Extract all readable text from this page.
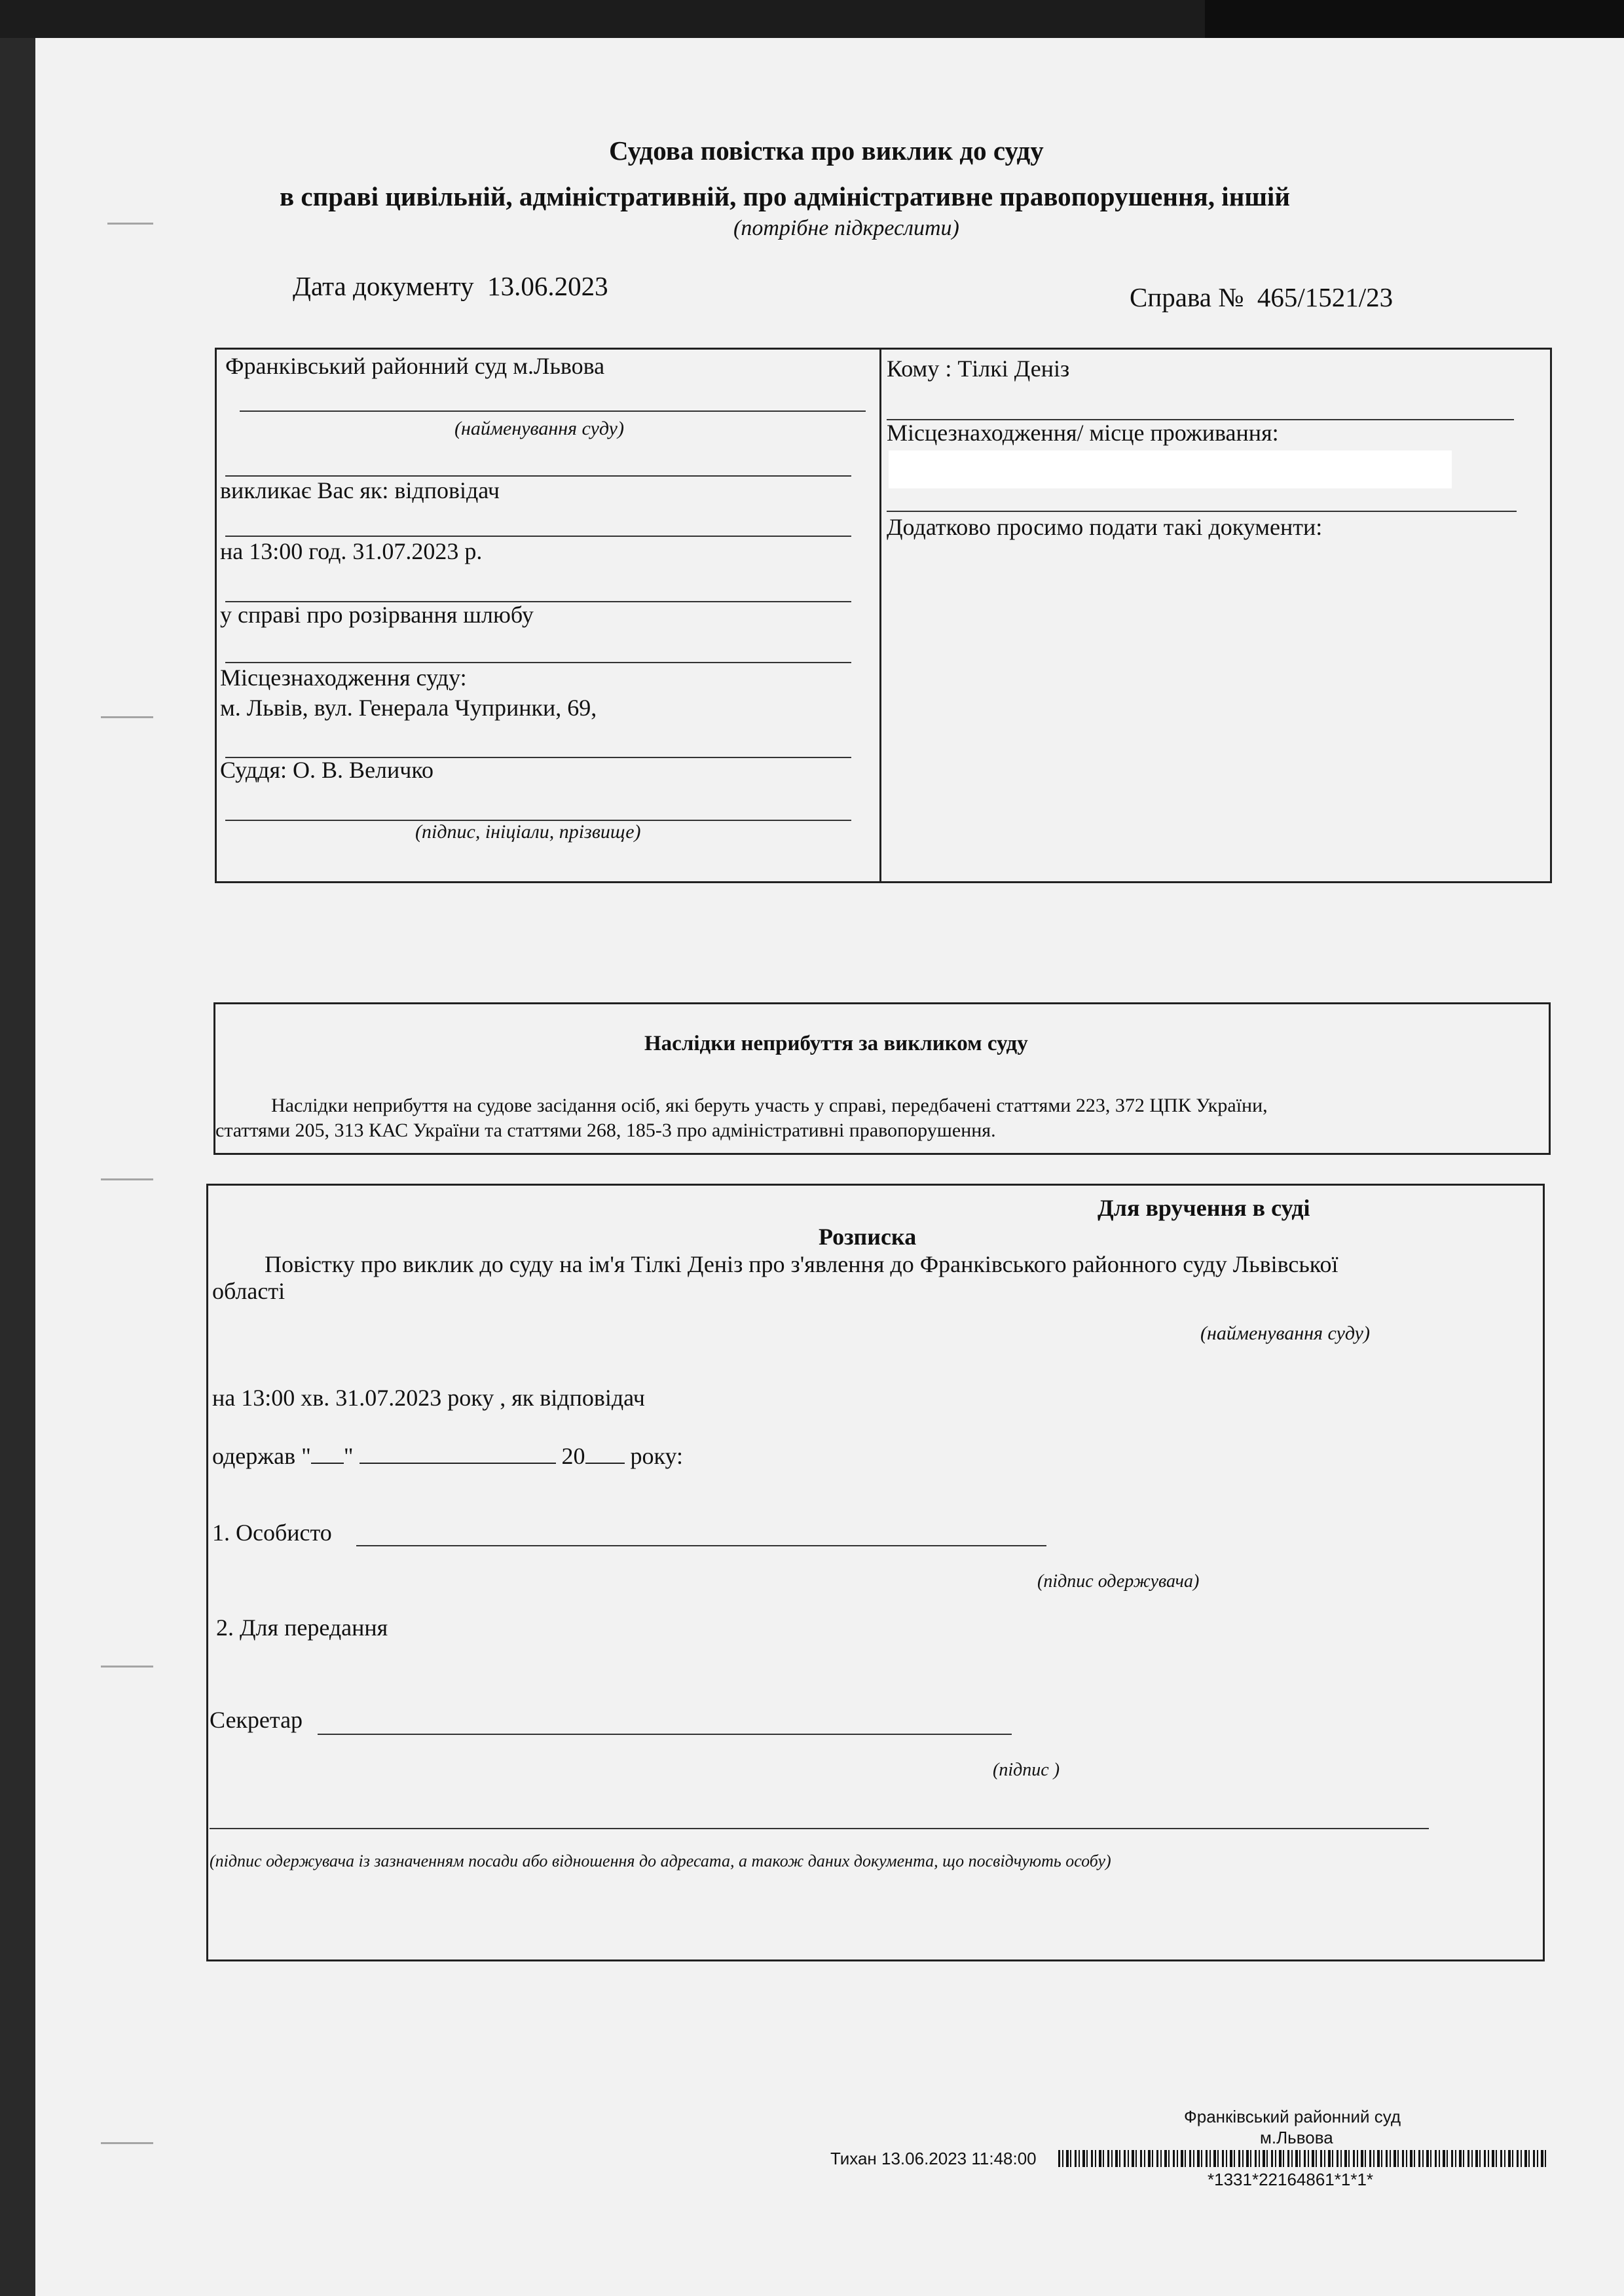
Судова повістка про виклик до суду
в справі цивільній, адміністративній, про адміністративне правопорушення, іншій
(потрібне підкреслити)
Дата документу 13.06.2023	Справа № 465/1521/23
Франківський районний суд м.Львова
(найменування суду)
викликає Вас як: відповідач
на 13:00 год. 31.07.2023 р.
у справі про розірвання шлюбу
Місцезнаходження суду:
м. Львів, вул. Генерала Чупринки, 69,
Суддя: О. В. Величко
(підпис, ініціали, прізвище)
Кому : Тілкі Деніз
Місцезнаходження/ місце проживання:
Додатково просимо подати такі документи:
Наслідки неприбуття за викликом суду
Наслідки неприбуття на судове засідання осіб, які беруть участь у справі, передбачені статтями 223, 372 ЦПК України,
статтями 205, 313 КАС України та статтями 268, 185-3 про адміністративні правопорушення.
Для вручення в суді
Розписка
Повістку про виклик до суду на ім'я Тілкі Деніз про з'явлення до Франківського районного суду Львівської
області
(найменування суду)
на 13:00 хв. 31.07.2023 року , як відповідач
одержав " "	20 року:
1. Особисто
(підпис одержувача)
2. Для передання
Секретар
(підпис )
(підпис одержувача із зазначенням посади або відношення до адресата, а також даних документа, що посвідчують особу)
Франківський районний суд
м.Львова
Тихан 13.06.2023 11:48:00
*1331*22164861*1*1*
